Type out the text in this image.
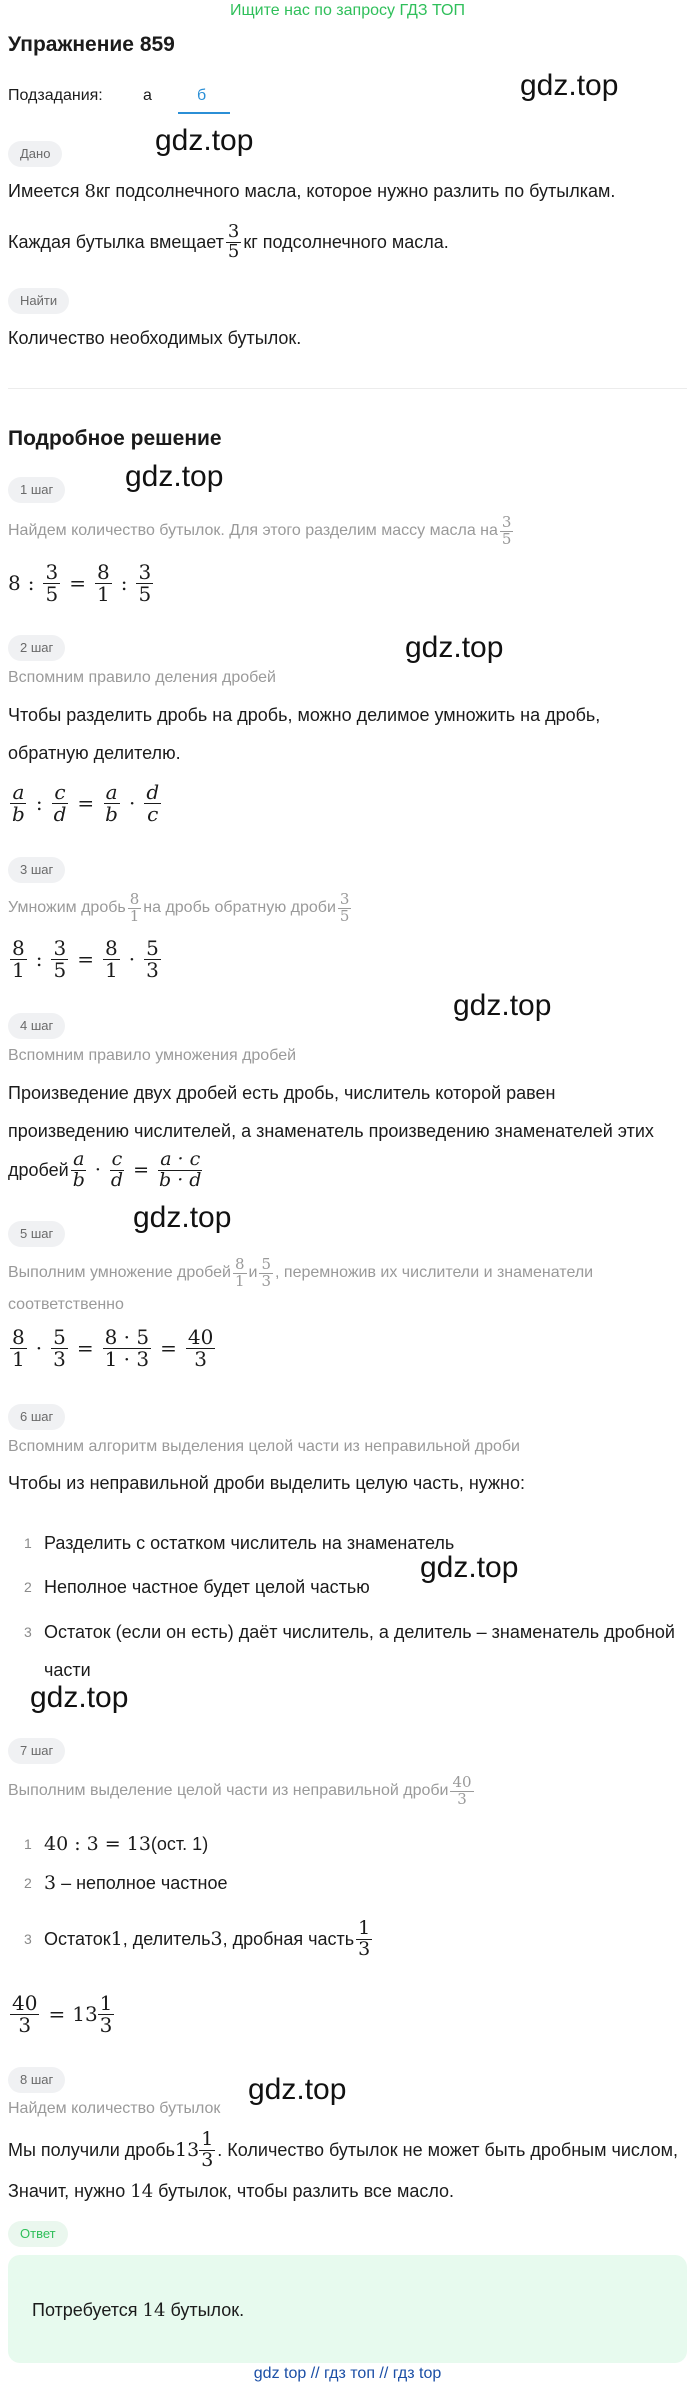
Ищите нас по запросу ГДЗ ТОП
Упражнение 859
Подзадания:	а	б	gdz.top
gdz.top
gdz.top
gdz.top
gdz.top
gdz.top
gdz.top
gdz.top
gdz.top
Дано
Имеется 8кг подсолнечного масла, которое нужно разлить по бутылкам.
Каждая бутылка вмещает $\frac{3}{5}$ кг подсолнечного масла.
Найти
Количество необходимых бутылок.
Подробное решение
1 шаг
Найдем количество бутылок. Для этого разделим массу масла на $\frac{3}{5}$
8 : $\frac{3}{5} = \frac{8}{1}$ : $\frac{3}{5}$
2 шаг
Вспомним правило деления дробей
Чтобы разделить дробь на дробь, можно делимое умножить на дробь,
обратную делителю.
$\frac{a}{b}$ : $\frac{c}{d} = \frac{a}{b} \cdot \frac{d}{c}$
3 шаг
Умножим дробь $\frac{8}{1}$ на дробь обратную дроби $\frac{3}{5}$
$\frac{8}{1}$ : $\frac{3}{5} = \frac{8}{1} \cdot \frac{5}{3}$
4 шаг
Вспомним правило умножения дробей
Произведение двух дробей есть дробь, числитель которой равен
произведению числителей, а знаменатель произведению знаменателей этих
дробей $\frac{a}{b} \cdot \frac{c}{d} = \frac{a \cdot c}{b \cdot d}$
5 шаг
Выполним умножение дробей $\frac{8}{1}$ и $\frac{5}{3}$ , перемножив их числители и знаменатели
соответственно
$\frac{8}{1} \cdot \frac{5}{3} = \frac{8 \cdot 5}{1 \cdot 3} = \frac{40}{3}$
6 шаг
Вспомним алгоритм выделения целой части из неправильной дроби
Чтобы из неправильной дроби выделить целую часть, нужно:
1 Разделить с остатком числитель на знаменатель
2 Неполное частное будет целой частью
3 Остаток (если он есть) даёт числитель, а делитель – знаменатель дробной
части
7 шаг
Выполним выделение целой части из неправильной дроби $\frac{40}{3}$
1 40 : 3 = 13(ост. 1)
2 3 – неполное частное
3 Остаток 1 , делитель 3 , дробная часть $\frac{1}{3}$
$\frac{40}{3} = 13 \frac{1}{3}$
8 шаг
Найдем количество бутылок
Мы получили дробь $13 \frac{1}{3}$ . Количество бутылок не может быть дробным числом,
Значит, нужно 14 бутылок, чтобы разлить все масло.
Ответ
Потребуется 14 бутылок.
gdz top // гдз топ // гдз top
